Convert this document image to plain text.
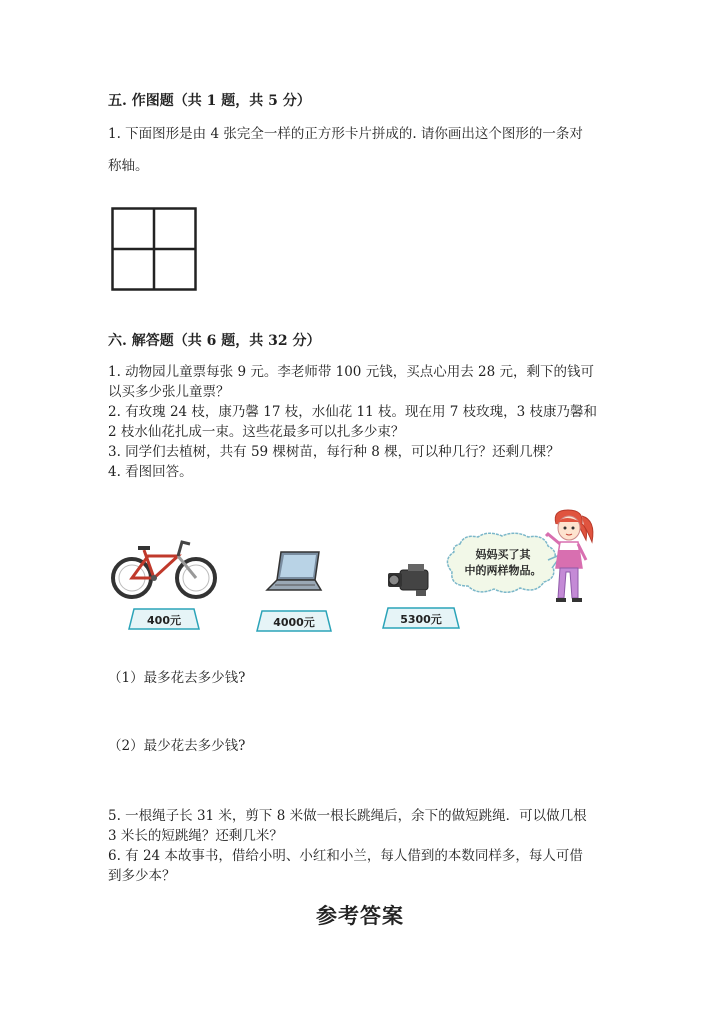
五. 作图题（共 1 题，共 5 分）
1. 下面图形是由 4 张完全一样的正方形卡片拼成的. 请你画出这个图形的一条对
称轴。
六. 解答题（共 6 题，共 32 分）
1. 动物园儿童票每张 9 元。李老师带 100 元钱，买点心用去 28 元，剩下的钱可
以买多少张儿童票？
2. 有玫瑰 24 枝，康乃馨 17 枝，水仙花 11 枝。现在用 7 枝玫瑰，3 枝康乃馨和
2 枝水仙花扎成一束。这些花最多可以扎多少束？
3. 同学们去植树，共有 59 棵树苗，每行种 8 棵，可以种几行？还剩几棵？
4. 看图回答。
400元	4000元	5300元
妈妈买了其
中的两样物品。
（1）最多花去多少钱?
（2）最少花去多少钱?
5. 一根绳子长 31 米，剪下 8 米做一根长跳绳后，余下的做短跳绳．可以做几根
3 米长的短跳绳？还剩几米？
6. 有 24 本故事书，借给小明、小红和小兰，每人借到的本数同样多，每人可借
到多少本？
参考答案
